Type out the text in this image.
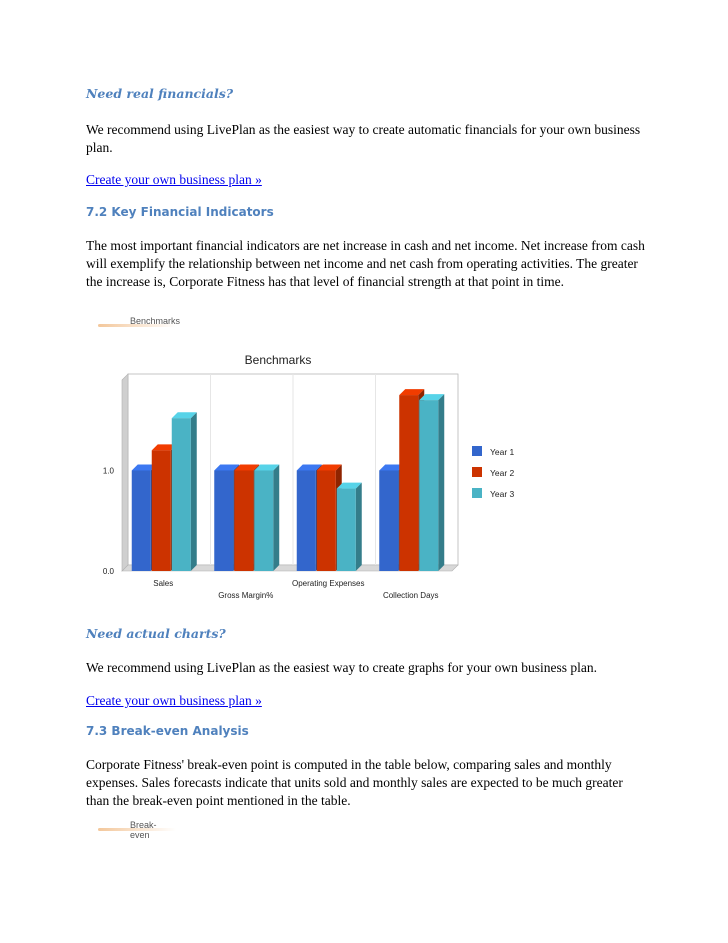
Need real financials?

We recommend using LivePlan as the easiest way to create automatic financials for your own business plan.

Create your own business plan »
7.2 Key Financial Indicators

The most important financial indicators are net increase in cash and net income. Net increase from cash will exemplify the relationship between net income and net cash from operating activities. The greater the increase is, Corporate Fitness has that level of financial strength at that point in time.

Benchmarks
Benchmarks
0.0
1.0
Sales
Gross Margin%
Operating Expenses
Collection Days
Year 1
Year 2
Year 3
Need actual charts?

We recommend using LivePlan as the easiest way to create graphs for your own business plan.

Create your own business plan »
7.3 Break-even Analysis

Corporate Fitness' break-even point is computed in the table below, comparing sales and monthly expenses. Sales forecasts indicate that units sold and monthly sales are expected to be much greater than the break-even point mentioned in the table.

Break-even
